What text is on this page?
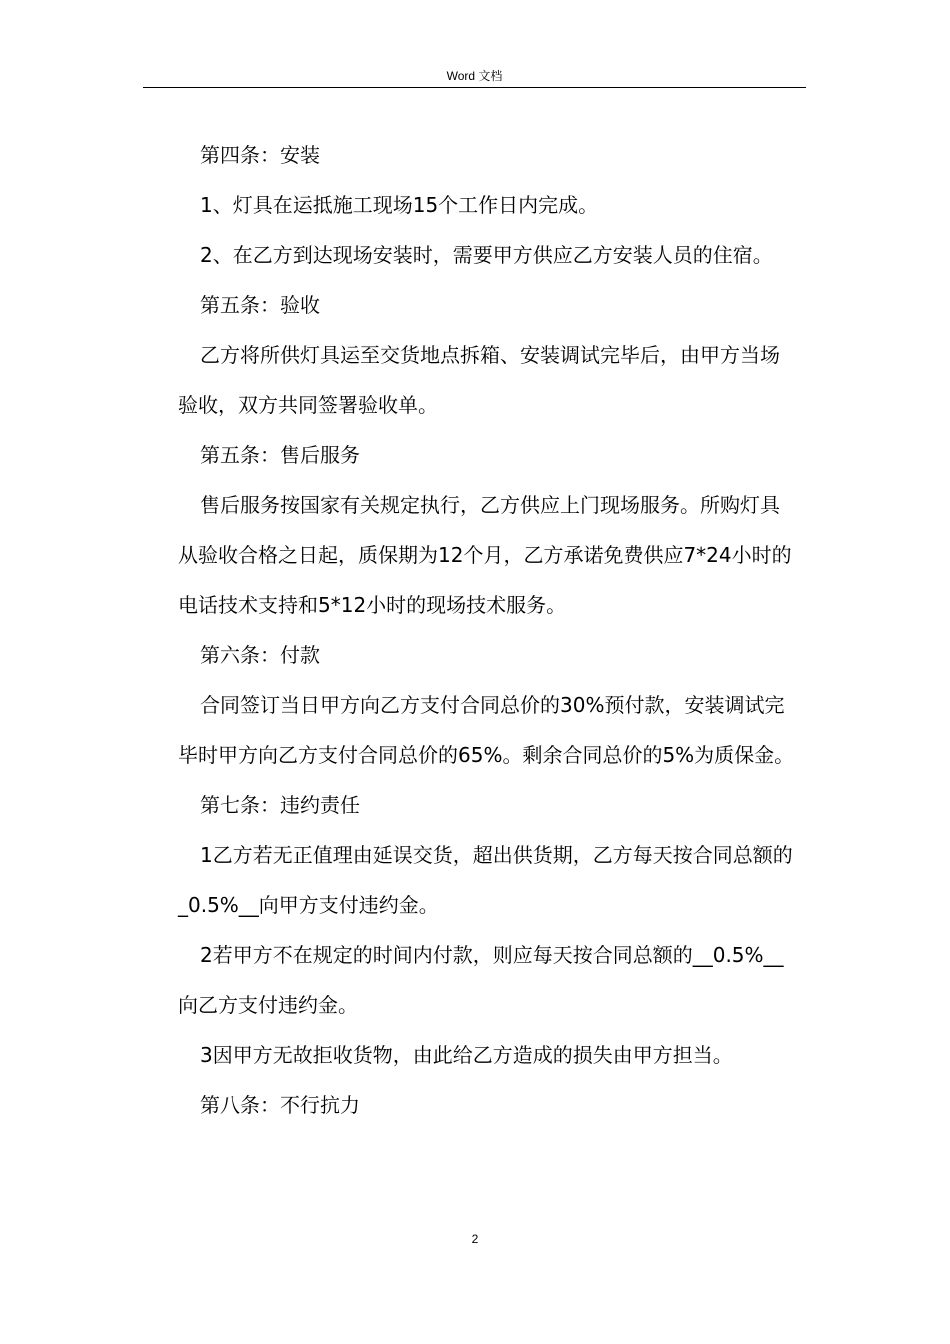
Word 文档

第四条：安装

1、灯具在运抵施工现场15个工作日内完成。

2、在乙方到达现场安装时，需要甲方供应乙方安装人员的住宿。

第五条：验收

乙方将所供灯具运至交货地点拆箱、安装调试完毕后，由甲方当场验收，双方共同签署验收单。

第五条：售后服务

售后服务按国家有关规定执行，乙方供应上门现场服务。所购灯具从验收合格之日起，质保期为12个月，乙方承诺免费供应7*24小时的电话技术支持和5*12小时的现场技术服务。

第六条：付款

合同签订当日甲方向乙方支付合同总价的30%预付款，安装调试完毕时甲方向乙方支付合同总价的65%。剩余合同总价的5%为质保金。

第七条：违约责任

1乙方若无正值理由延误交货，超出供货期，乙方每天按合同总额的_0.5%__向甲方支付违约金。

2若甲方不在规定的时间内付款，则应每天按合同总额的__0.5%__向乙方支付违约金。

3因甲方无故拒收货物，由此给乙方造成的损失由甲方担当。

第八条：不行抗力

2
